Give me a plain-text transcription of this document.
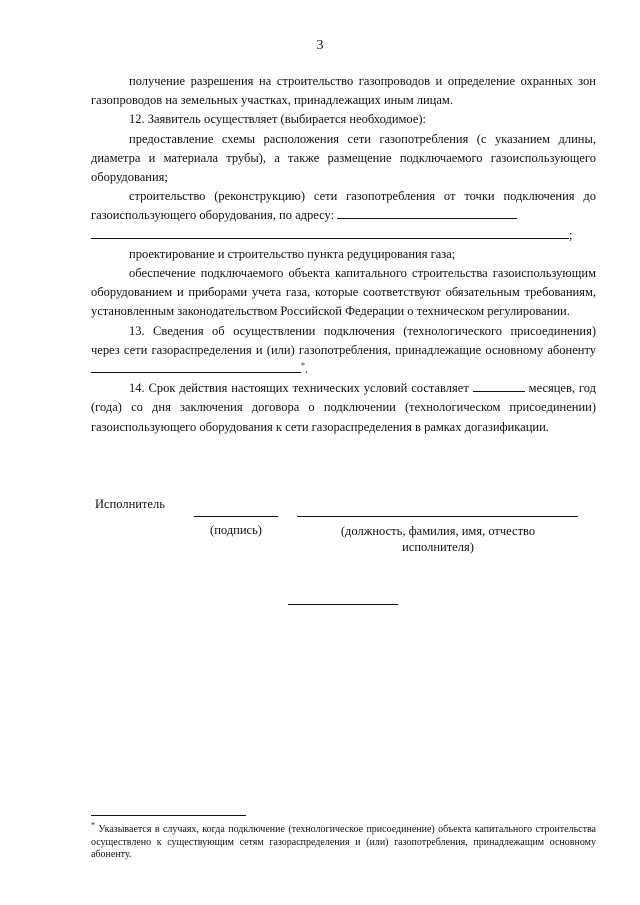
3

получение разрешения на строительство газопроводов и определение охранных зон газопроводов на земельных участках, принадлежащих иным лицам.

12. Заявитель осуществляет (выбирается необходимое):

предоставление схемы расположения сети газопотребления (с указанием длины, диаметра и материала трубы), а также размещение подключаемого газоиспользующего оборудования;

строительство (реконструкцию) сети газопотребления от точки подключения до газоиспользующего оборудования, по адресу:

;

проектирование и строительство пункта редуцирования газа;

обеспечение подключаемого объекта капитального строительства газоиспользующим оборудованием и приборами учета газа, которые соответствуют обязательным требованиям, установленным законодательством Российской Федерации о техническом регулировании.

13. Сведения об осуществлении подключения (технологического присоединения) через сети газораспределения и (или) газопотребления, принадлежащие основному абоненту *.

14. Срок действия настоящих технических условий составляет	месяцев, год (года) со дня заключения договора о подключении (технологическом присоединении) газоиспользующего оборудования к сети газораспределения в рамках догазификации.

Исполнитель
(подпись)	(должность, фамилия, имя, отчество исполнителя)
* Указывается в случаях, когда подключение (технологическое присоединение) объекта капитального строительства осуществлено к существующим сетям газораспределения и (или) газопотребления, принадлежащим основному абоненту.
